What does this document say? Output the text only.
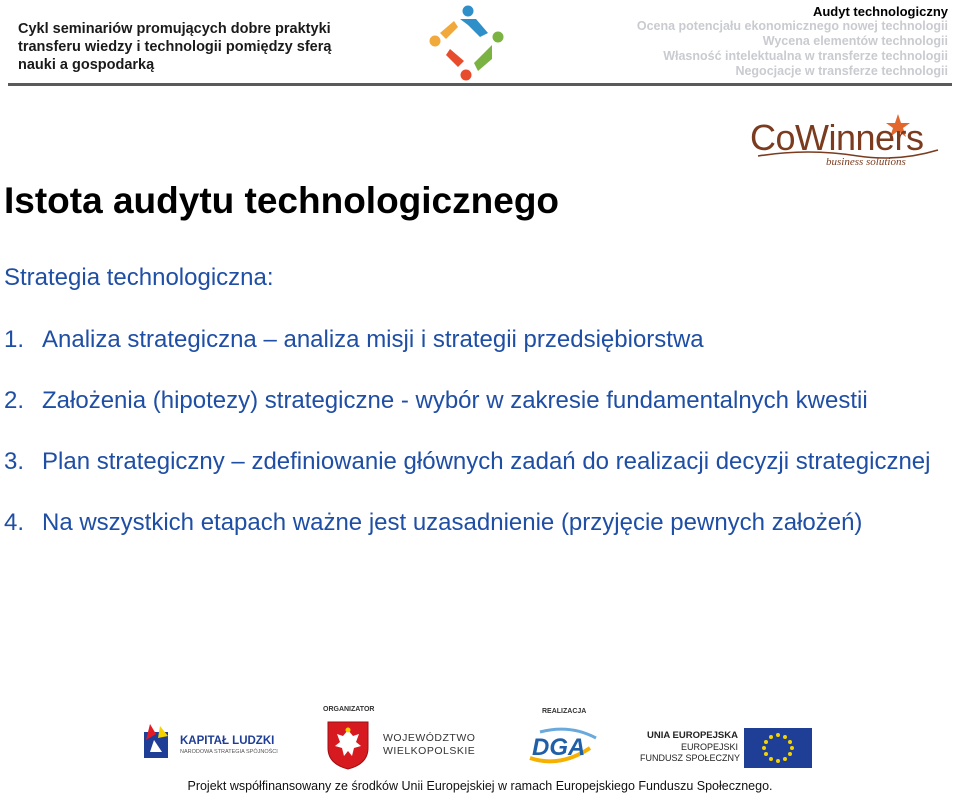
Cykl seminariów promujących dobre praktyki
transferu wiedzy i technologii pomiędzy sferą
nauki a gospodarką
Audyt technologiczny
Ocena potencjału ekonomicznego nowej technologii
Wycena elementów technologii
Własność intelektualna w transferze technologii
Negocjacje w transferze technologii
CoWinners
business solutions
Istota audytu technologicznego
Strategia technologiczna:
1. Analiza strategiczna – analiza misji i strategii przedsiębiorstwa
2. Założenia (hipotezy) strategiczne - wybór w zakresie fundamentalnych kwestii
3. Plan strategiczny – zdefiniowanie głównych zadań do realizacji decyzji strategicznej
4. Na wszystkich etapach ważne jest uzasadnienie (przyjęcie pewnych założeń)
KAPITAŁ LUDZKI
NARODOWA STRATEGIA SPÓJNOŚCI
ORGANIZATOR
WOJEWÓDZTWO
WIELKOPOLSKIE
REALIZACJA
DGA	UNIA EUROPEJSKA
EUROPEJSKI
FUNDUSZ SPOŁECZNY
Projekt współfinansowany ze środków Unii Europejskiej w ramach Europejskiego Funduszu Społecznego.
